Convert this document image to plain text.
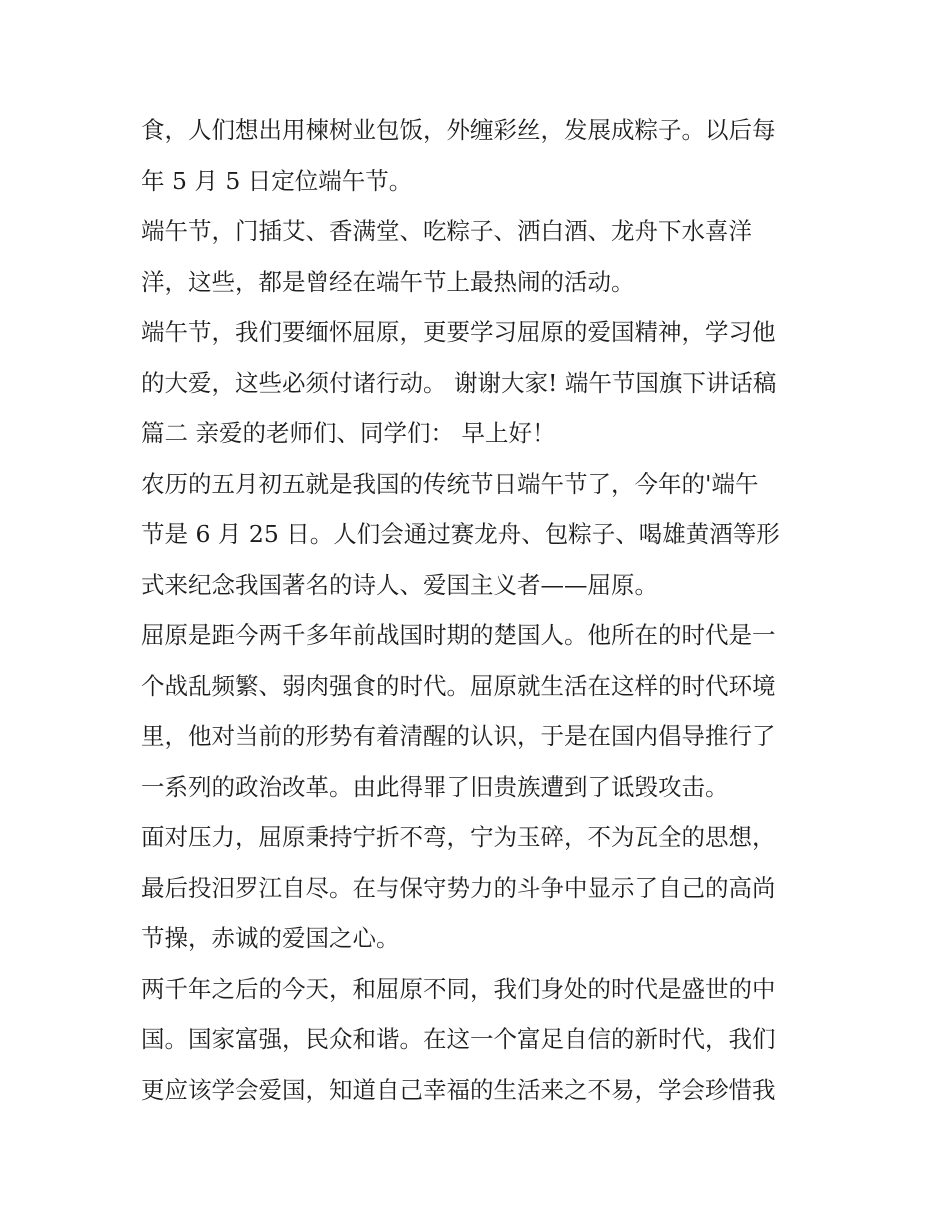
食，人们想出用楝树业包饭，外缠彩丝，发展成粽子。以后每
年 5 月 5 日定位端午节。
端午节，门插艾、香满堂、吃粽子、洒白酒、龙舟下水喜洋
洋，这些，都是曾经在端午节上最热闹的活动。
端午节，我们要缅怀屈原，更要学习屈原的爱国精神，学习他
的大爱，这些必须付诸行动。 谢谢大家! 端午节国旗下讲话稿
篇二 亲爱的老师们、同学们： 早上好！
农历的五月初五就是我国的传统节日端午节了，今年的'端午
节是 6 月 25 日。人们会通过赛龙舟、包粽子、喝雄黄酒等形
式来纪念我国著名的诗人、爱国主义者——屈原。
屈原是距今两千多年前战国时期的楚国人。他所在的时代是一
个战乱频繁、弱肉强食的时代。屈原就生活在这样的时代环境
里，他对当前的形势有着清醒的认识，于是在国内倡导推行了
一系列的政治改革。由此得罪了旧贵族遭到了诋毁攻击。
面对压力，屈原秉持宁折不弯，宁为玉碎，不为瓦全的思想，
最后投汨罗江自尽。在与保守势力的斗争中显示了自己的高尚
节操，赤诚的爱国之心。
两千年之后的今天，和屈原不同，我们身处的时代是盛世的中
国。国家富强，民众和谐。在这一个富足自信的新时代，我们
更应该学会爱国，知道自己幸福的生活来之不易，学会珍惜我
